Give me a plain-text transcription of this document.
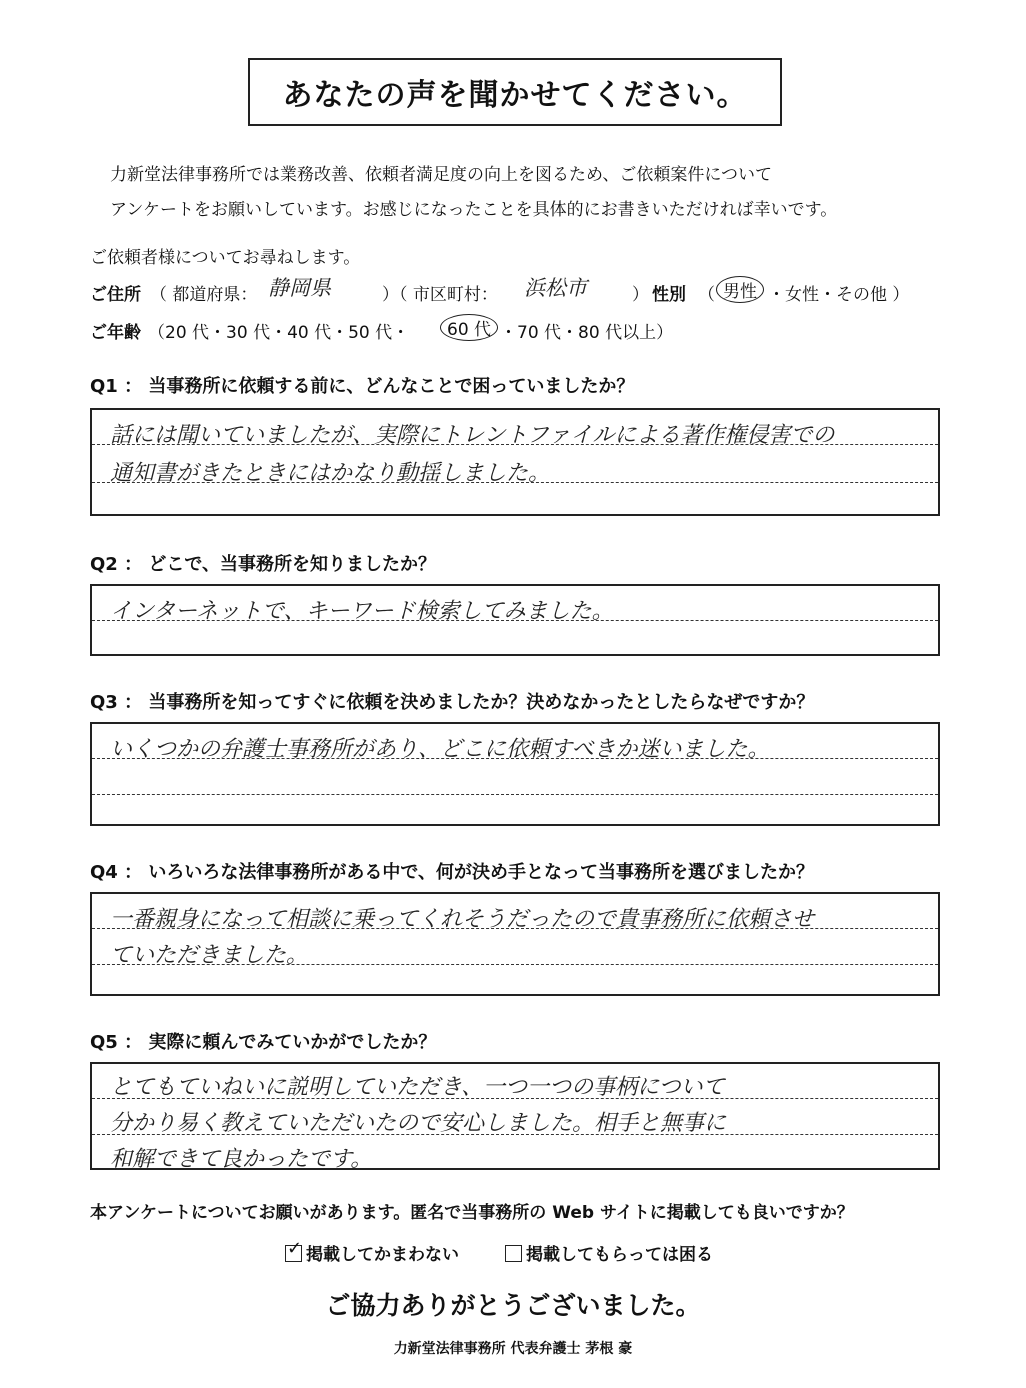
あなたの声を聞かせてください。
力新堂法律事務所では業務改善、依頼者満足度の向上を図るため、ご依頼案件について
アンケートをお願いしています。お感じになったことを具体的にお書きいただければ幸いです。
ご依頼者様についてお尋ねします。
ご住所 （ 都道府県： 静岡県	）（ 市区町村： 浜松市	） 性別 （ 男性 ・女性・その他 ）
ご年齢 （20 代・30 代・40 代・50 代・	60 代 ・70 代・80 代以上）
Q1 ： 当事務所に依頼する前に、どんなことで困っていましたか？
話には聞いていましたが、実際にトレントファイルによる著作権侵害での
通知書がきたときにはかなり動揺しました。
Q2 ： どこで、当事務所を知りましたか？
インターネットで、キーワード検索してみました。
Q3 ： 当事務所を知ってすぐに依頼を決めましたか？決めなかったとしたらなぜですか？
いくつかの弁護士事務所があり、どこに依頼すべきか迷いました。
Q4 ： いろいろな法律事務所がある中で、何が決め手となって当事務所を選びましたか？
一番親身になって相談に乗ってくれそうだったので貴事務所に依頼させ
ていただきました。
Q5 ： 実際に頼んでみていかがでしたか？
とてもていねいに説明していただき、一つ一つの事柄について
分かり易く教えていただいたので安心しました。相手と無事に
和解できて良かったです。
本アンケートについてお願いがあります。匿名で当事務所の Web サイトに掲載しても良いですか？
✓ 掲載してかまわない	掲載してもらっては困る
ご協力ありがとうございました。
力新堂法律事務所 代表弁護士 茅根 豪
